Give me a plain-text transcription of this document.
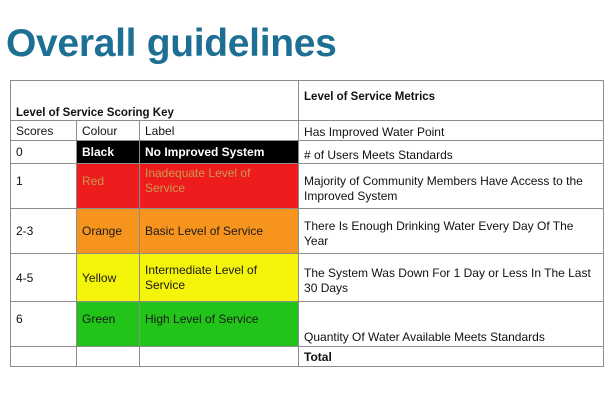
Overall guidelines
Level of Service Scoring Key			Level of Service Metrics
Scores	Colour	Label	Has Improved Water Point
0	Black	No Improved System	# of Users Meets Standards
1	Red	Inadequate Level of Service	Majority of Community Members Have Access to the Improved System
2-3	Orange	Basic Level of Service	There Is Enough Drinking Water Every Day Of The Year
4-5	Yellow	Intermediate Level of Service	The System Was Down For 1 Day or Less In The Last 30 Days
6	Green	High Level of Service	Quantity Of Water Available Meets Standards
			Total
